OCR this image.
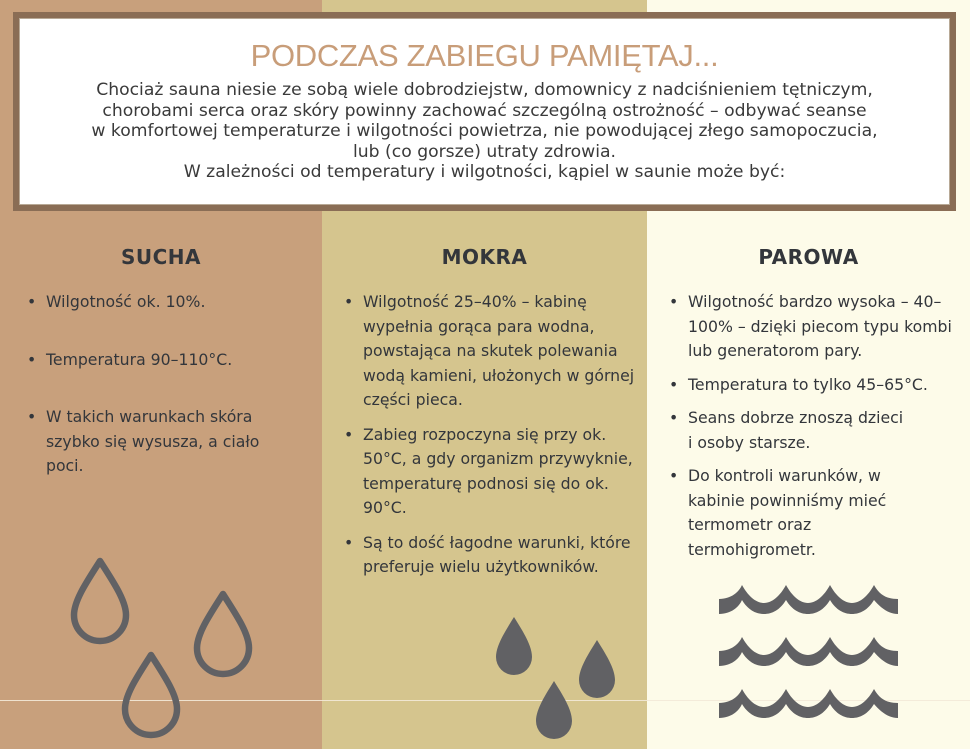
PODCZAS ZABIEGU PAMIĘTAJ...
Chociaż sauna niesie ze sobą wiele dobrodziejstw, domownicy z nadciśnieniem tętniczym,
chorobami serca oraz skóry powinny zachować szczególną ostrożność – odbywać seanse
w komfortowej temperaturze i wilgotności powietrza, nie powodującej złego samopoczucia,
lub (co gorsze) utraty zdrowia.
W zależności od temperatury i wilgotności, kąpiel w saunie może być:
SUCHA
• Wilgotność ok. 10%.
• Temperatura 90–110°C.
• W takich warunkach skóra szybko się wysusza, a ciało poci.
MOKRA
• Wilgotność 25–40% – kabinę wypełnia gorąca para wodna, powstająca na skutek polewania wodą kamieni, ułożonych w górnej części pieca.
• Zabieg rozpoczyna się przy ok. 50°C, a gdy organizm przywyknie, temperaturę podnosi się do ok. 90°C.
• Są to dość łagodne warunki, które preferuje wielu użytkowników.
PAROWA
• Wilgotność bardzo wysoka – 40–100% – dzięki piecom typu kombi lub generatorom pary.
• Temperatura to tylko 45–65°C.
• Seans dobrze znoszą dzieci i osoby starsze.
• Do kontroli warunków, w kabinie powinniśmy mieć termometr oraz termohigrometr.
